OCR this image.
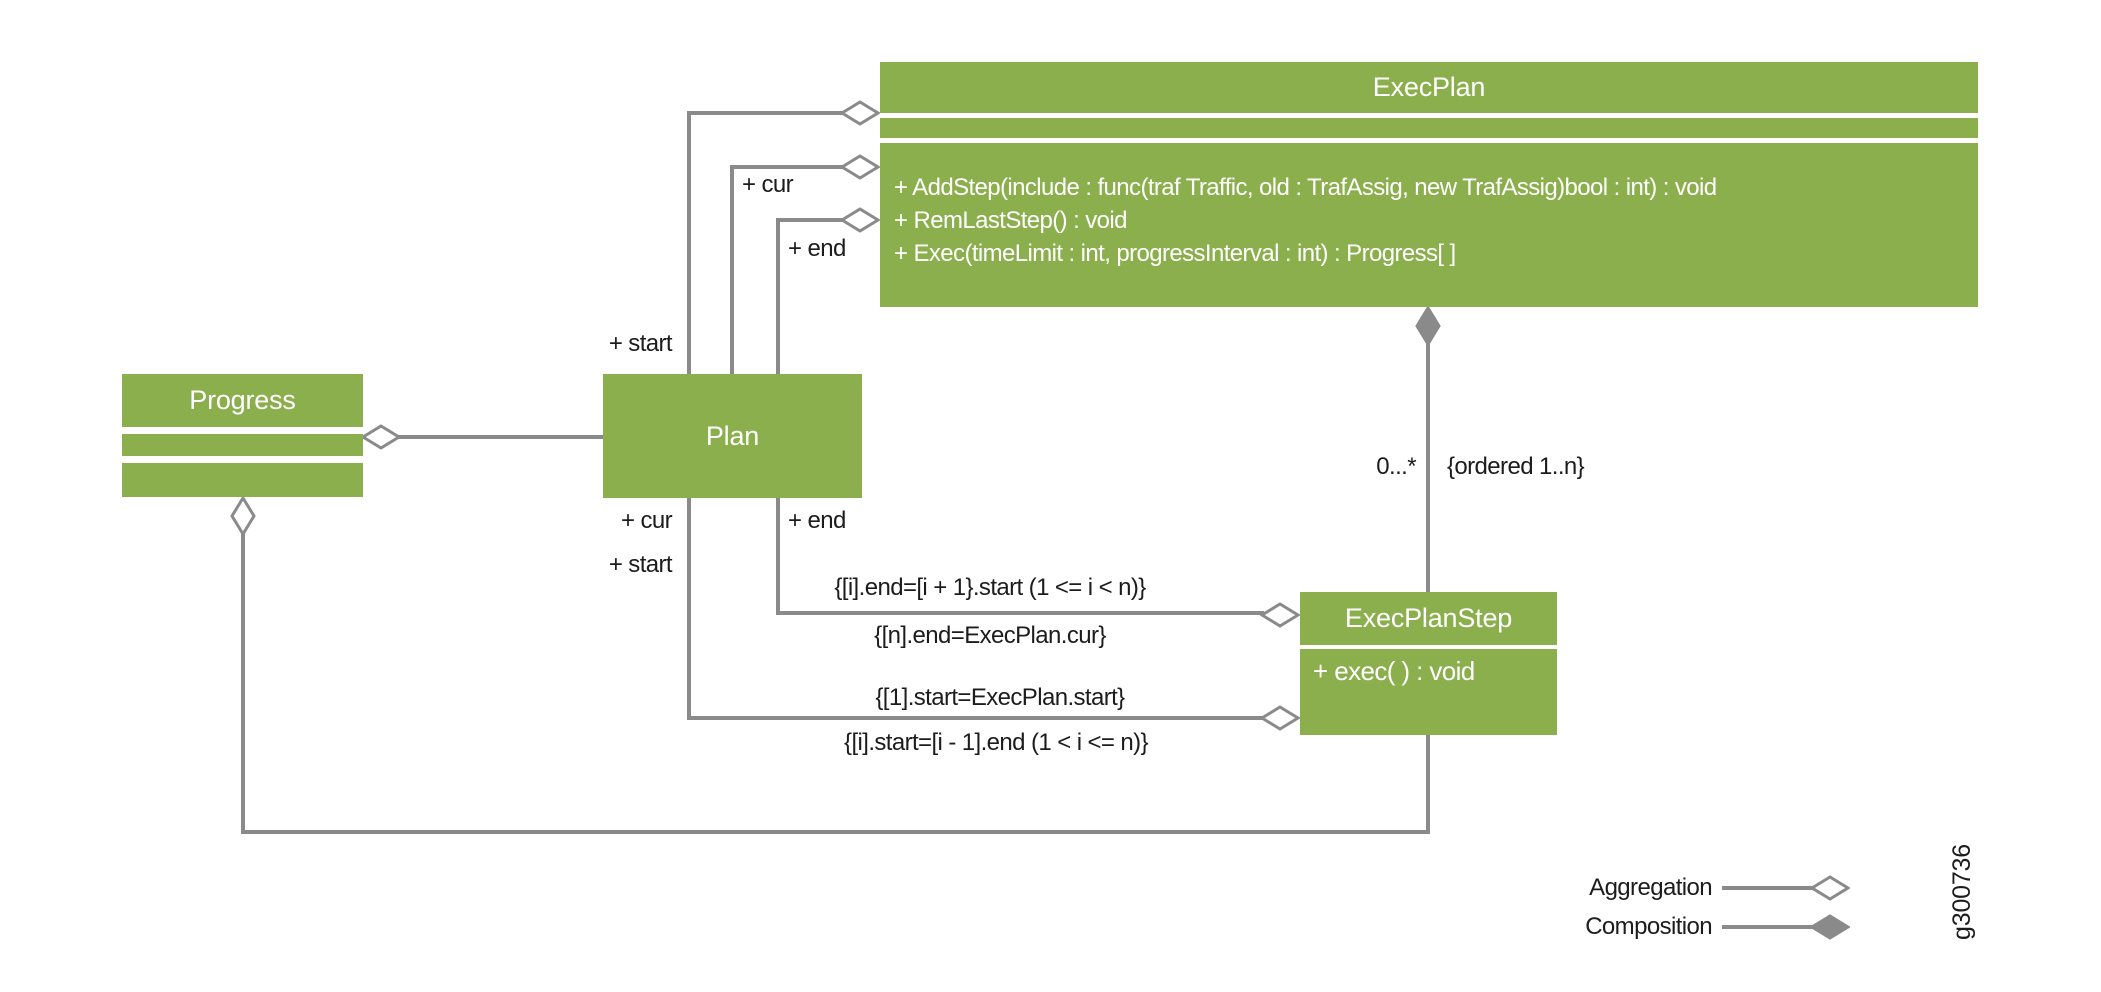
ExecPlan
+ AddStep(include : func(traf Traffic, old : TrafAssig, new TrafAssig)bool : int) : void
+ RemLastStep() : void
+ Exec(timeLimit : int, progressInterval : int) : Progress[ ]
Progress
Plan
ExecPlanStep
+ exec( ) : void
+ start
+ cur
+ end
+ cur
+ start
+ end
0...* {ordered 1..n}
{[i].end=[i + 1}.start (1 <= i < n)}
{[n].end=ExecPlan.cur}
{[1].start=ExecPlan.start}
{[i].start=[i - 1].end (1 < i <= n)}
Aggregation
Composition	g300736
